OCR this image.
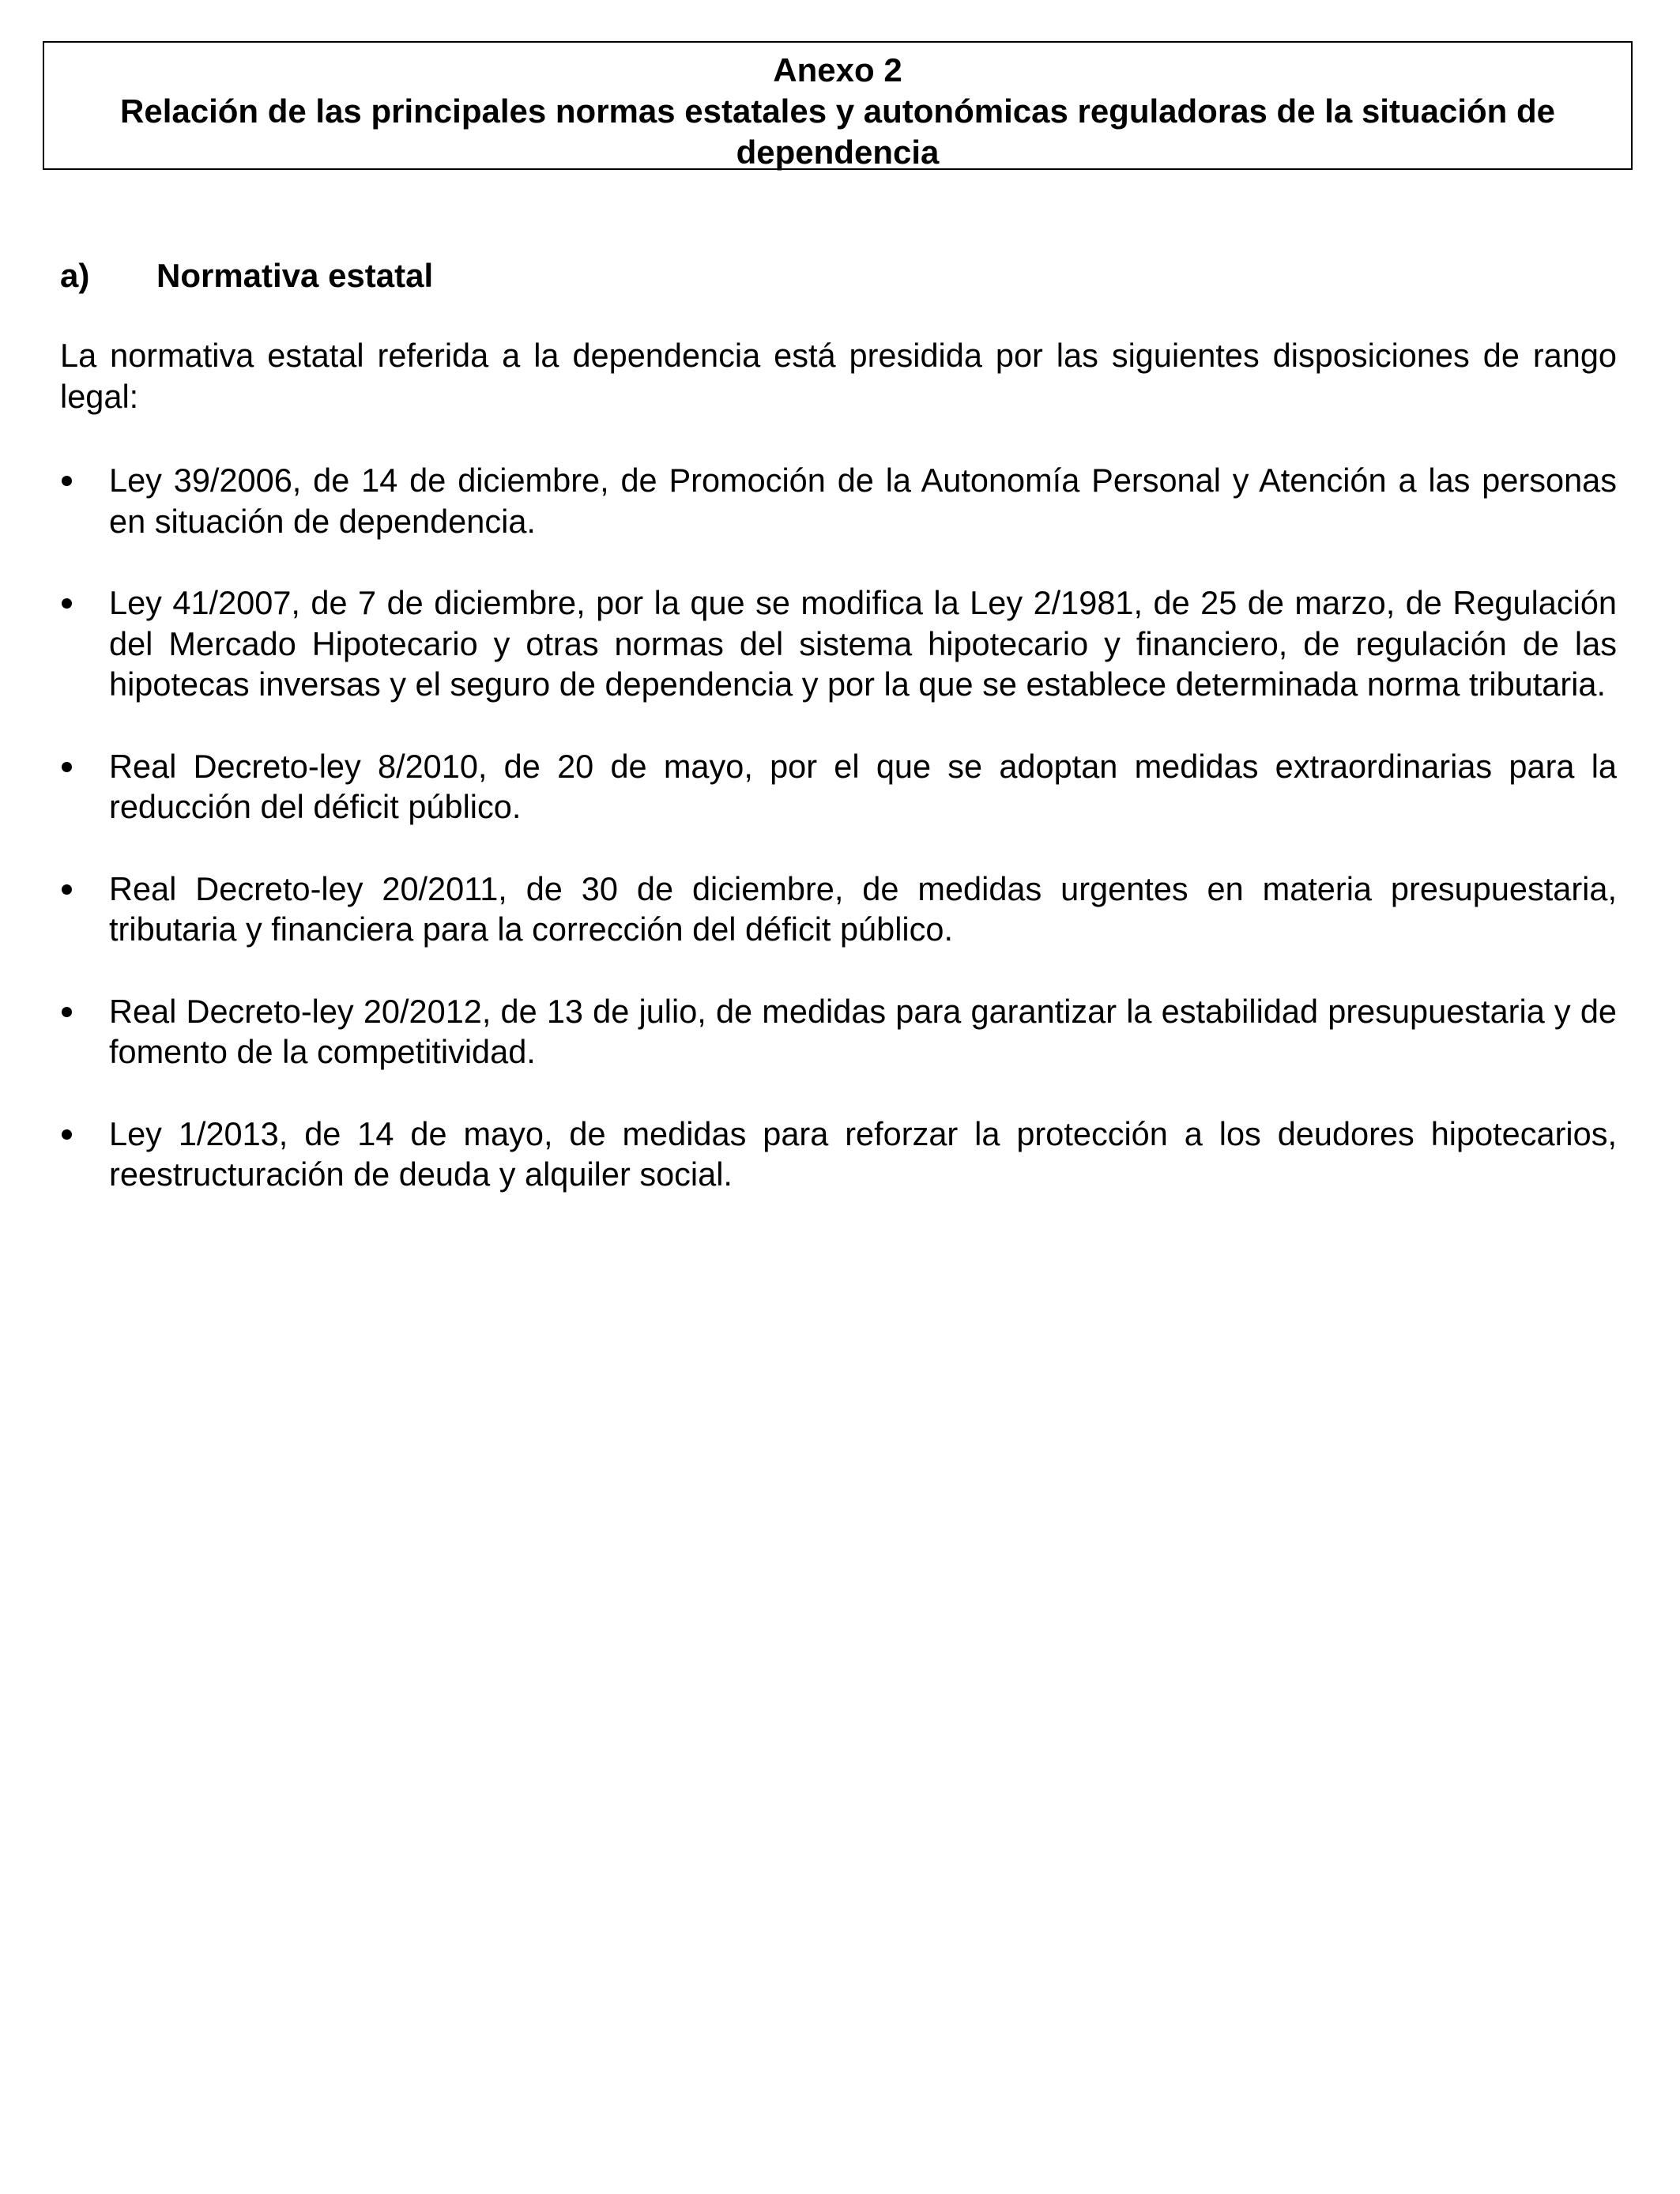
Anexo 2
Relación de las principales normas estatales y autonómicas reguladoras de la situación de
dependencia
a) Normativa estatal

La normativa estatal referida a la dependencia está presidida por las siguientes disposiciones de rango legal:

Ley 39/2006, de 14 de diciembre, de Promoción de la Autonomía Personal y Atención a las personas en situación de dependencia.
Ley 41/2007, de 7 de diciembre, por la que se modifica la Ley 2/1981, de 25 de marzo, de Regulación del Mercado Hipotecario y otras normas del sistema hipotecario y financiero, de regulación de las hipotecas inversas y el seguro de dependencia y por la que se establece determinada norma tributaria.
Real Decreto-ley 8/2010, de 20 de mayo, por el que se adoptan medidas extraordinarias para la reducción del déficit público.
Real Decreto-ley 20/2011, de 30 de diciembre, de medidas urgentes en materia presupuestaria, tributaria y financiera para la corrección del déficit público.
Real Decreto-ley 20/2012, de 13 de julio, de medidas para garantizar la estabilidad presupuestaria y de fomento de la competitividad.
Ley 1/2013, de 14 de mayo, de medidas para reforzar la protección a los deudores hipotecarios, reestructuración de deuda y alquiler social.
